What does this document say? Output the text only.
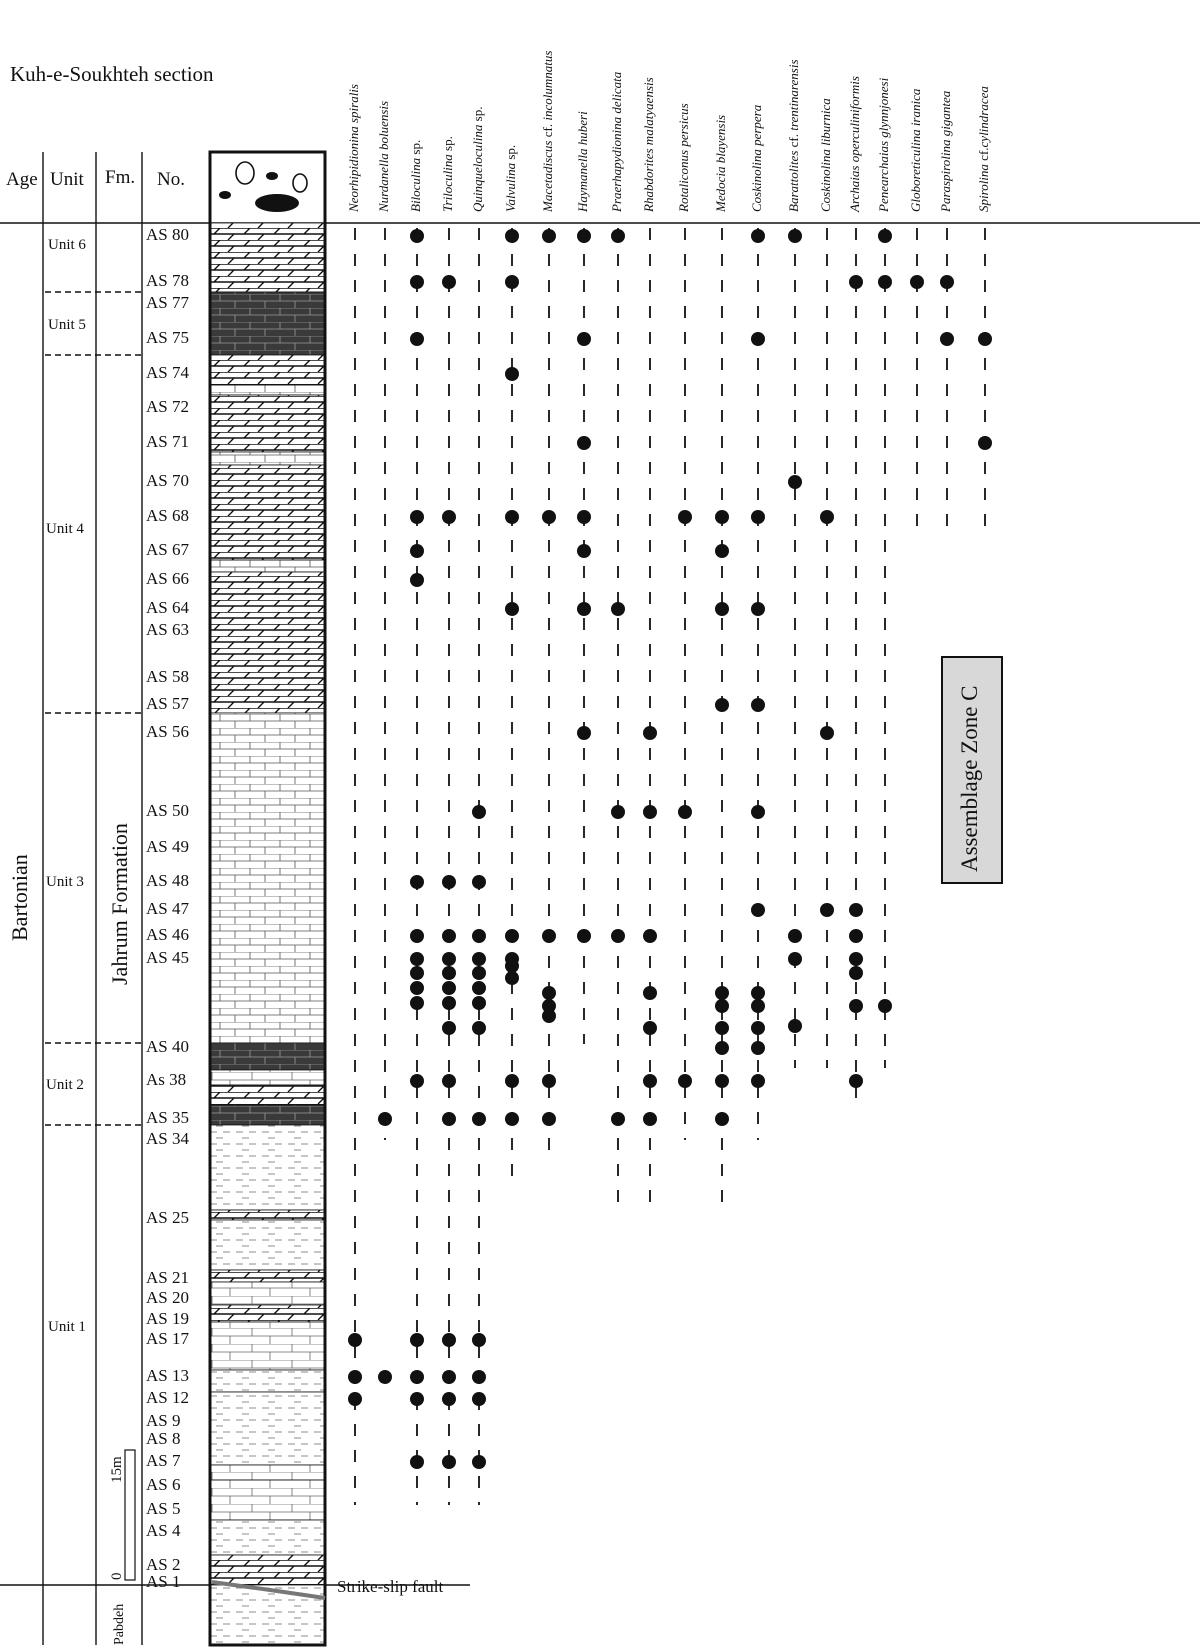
Kuh-e-Soukhteh section
Age Unit Fm. No.
Unit 6
Unit 5
Unit 4
Unit 3
Unit 2
Unit 1
Bartonian	Jahrum Formation
Pabdeh
0
15m
Strike-slip fault
Assemblage Zone C
AS 80
AS 78
AS 77
AS 75
AS 74
AS 72
AS 71
AS 70
AS 68
AS 67
AS 66
AS 64
AS 63
AS 58
AS 57
AS 56
AS 50
AS 49
AS 48
AS 47
AS 46
AS 45
AS 40
As 38
AS 35
AS 34
AS 25
AS 21
AS 20
AS 19
AS 17
AS 13
AS 12
AS 9
AS 8
AS 7
AS 6
AS 5
AS 4
AS 2
AS 1
Neorhipidionina spiralis Nurdanella boluensis Biloculina sp.
Triloculina sp. Quinqueloculina sp.
Valvulina sp. Macetadiscus cf. incolumnatus
Haymanella huberi Praerhapydionina delicata Rhabdorites malatyaensis Rotaliconus persicus Medocia blayensis Coskinolina perpera Barattolites cf. trentinarensis
Coskinolina liburnica Archaias operculiniformis Penearchaias glynnjonesi Globoreticulina iranica Paraspirolina gigantea Spirolina cf.cylindracea
